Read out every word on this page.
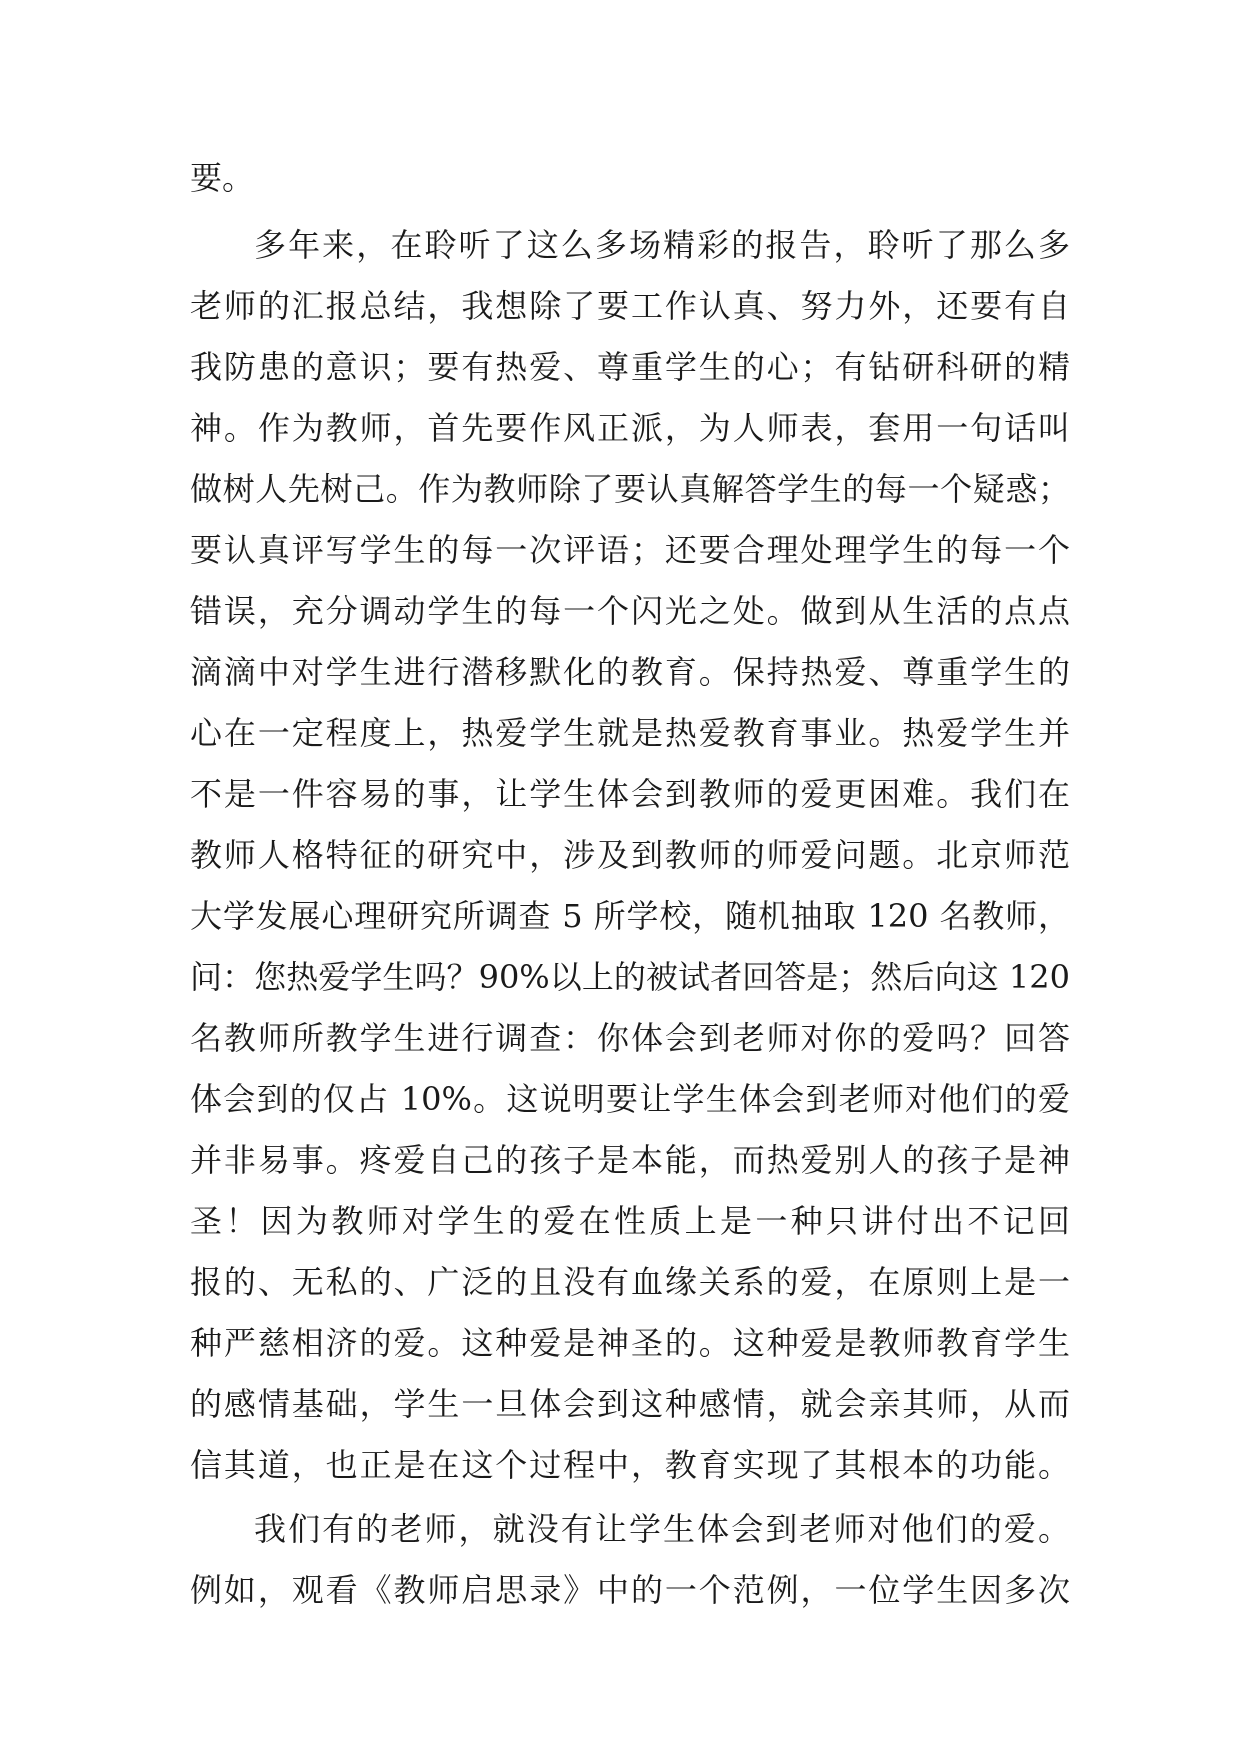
要。

多年来，在聆听了这么多场精彩的报告，聆听了那么多

老师的汇报总结，我想除了要工作认真、努力外，还要有自

我防患的意识；要有热爱、尊重学生的心；有钻研科研的精

神。作为教师，首先要作风正派，为人师表，套用一句话叫

做树人先树己。作为教师除了要认真解答学生的每一个疑惑；

要认真评写学生的每一次评语；还要合理处理学生的每一个

错误，充分调动学生的每一个闪光之处。做到从生活的点点

滴滴中对学生进行潜移默化的教育。保持热爱、尊重学生的

心在一定程度上，热爱学生就是热爱教育事业。热爱学生并

不是一件容易的事，让学生体会到教师的爱更困难。我们在

教师人格特征的研究中，涉及到教师的师爱问题。北京师范

大学发展心理研究所调查 5 所学校，随机抽取 120 名教师，

问：您热爱学生吗？90%以上的被试者回答是；然后向这 120

名教师所教学生进行调查：你体会到老师对你的爱吗？回答

体会到的仅占 10%。这说明要让学生体会到老师对他们的爱

并非易事。疼爱自己的孩子是本能，而热爱别人的孩子是神

圣！因为教师对学生的爱在性质上是一种只讲付出不记回

报的、无私的、广泛的且没有血缘关系的爱，在原则上是一

种严慈相济的爱。这种爱是神圣的。这种爱是教师教育学生

的感情基础，学生一旦体会到这种感情，就会亲其师，从而

信其道，也正是在这个过程中，教育实现了其根本的功能。

我们有的老师，就没有让学生体会到老师对他们的爱。

例如，观看《教师启思录》中的一个范例，一位学生因多次
